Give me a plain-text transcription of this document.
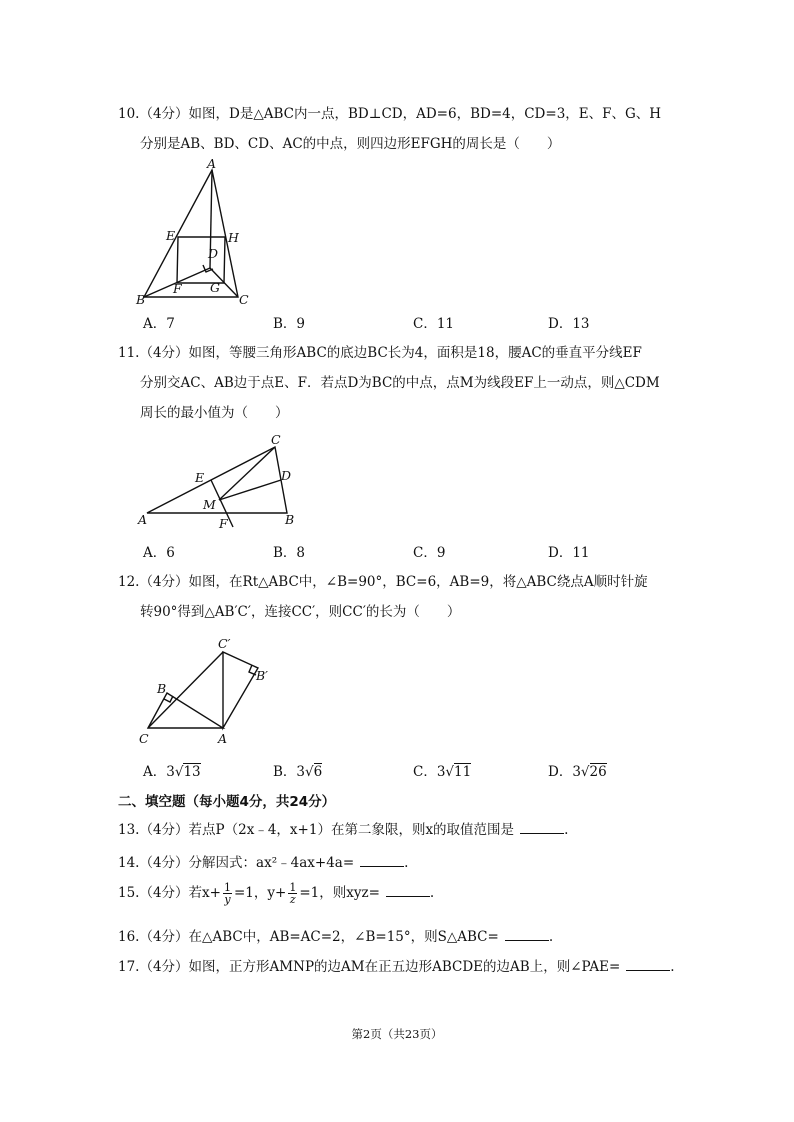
10.（4分）如图，D是△ABC内一点，BD⊥CD，AD=6，BD=4，CD=3，E、F、G、H
分别是AB、BD、CD、AC的中点，则四边形EFGH的周长是（　　）
A
E	H
D
F G
B	C
A．7	B．9	C．11	D．13
11.（4分）如图，等腰三角形ABC的底边BC长为4，面积是18，腰AC的垂直平分线EF
分别交AC、AB边于点E、F．若点D为BC的中点，点M为线段EF上一动点，则△CDM
周长的最小值为（　　）
C
E	D
M
A	F	B
A．6	B．8	C．9	D．11
12.（4分）如图，在Rt△ABC中，∠B=90°，BC=6，AB=9，将△ABC绕点A顺时针旋
转90°得到△AB′C′，连接CC′，则CC′的长为（　　）
C′
B′
B
C	A
A．3√13	B．3√6	C．3√11	D．3√26
二、填空题（每小题4分，共24分）
13.（4分）若点P（2x﹣4，x+1）在第二象限，则x的取值范围是	.
14.（4分）分解因式：ax²﹣4ax+4a=	.
15.（4分）若$x+ \frac{1}{y} =1$，$y+ \frac{1}{z} =1$，则xyz=	.
16.（4分）在△ABC中，AB=AC=2，∠B=15°，则S△ABC=	.
17.（4分）如图，正方形AMNP的边AM在正五边形ABCDE的边AB上，则∠PAE=	.
第2页（共23页）
